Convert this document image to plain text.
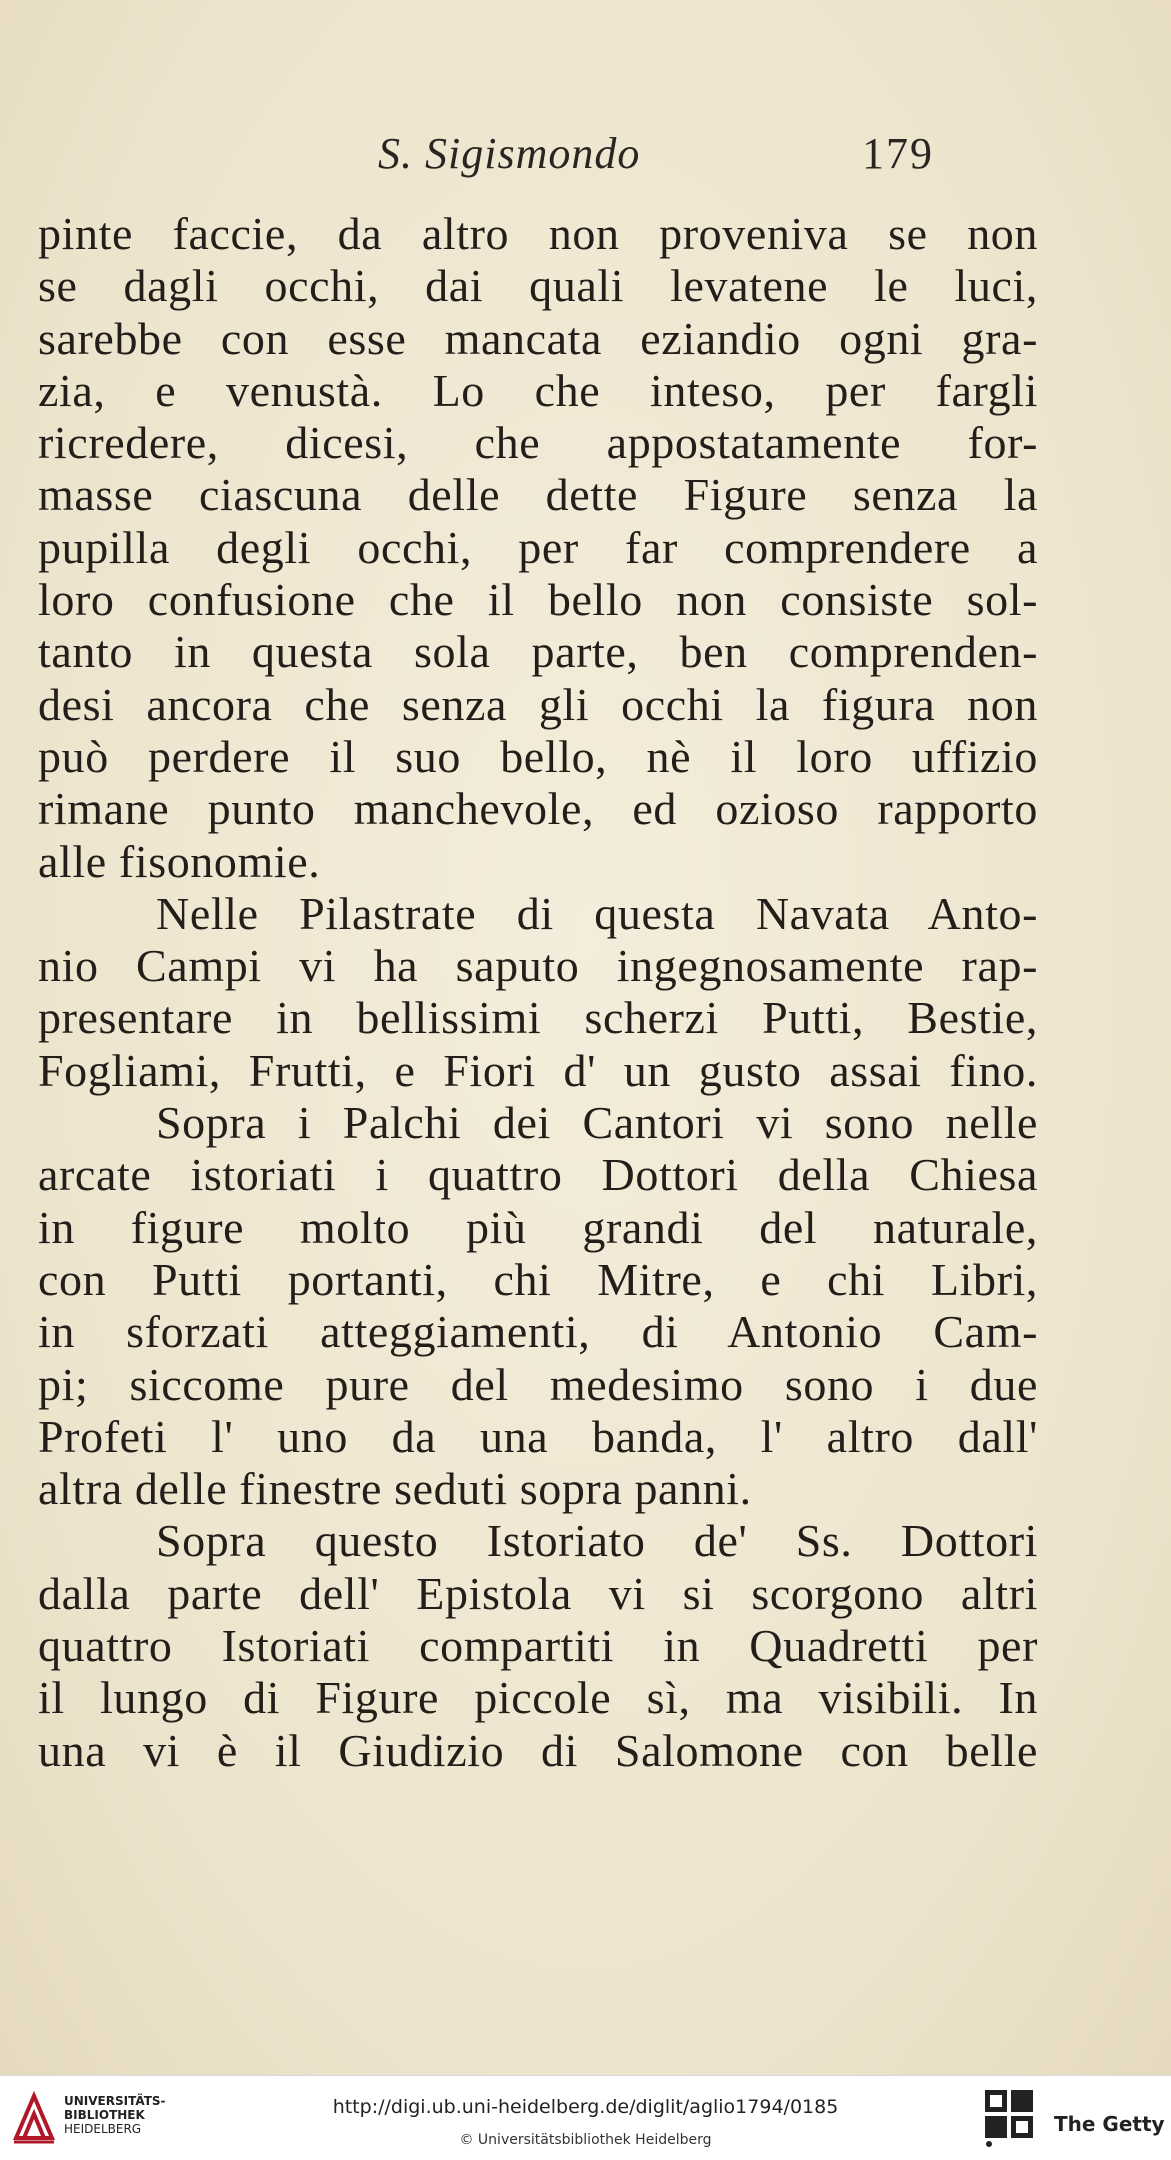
S. Sigismondo	179
pinte faccie, da altro non proveniva se non
se dagli occhi, dai quali levatene le luci,
sarebbe con esse mancata eziandio ogni gra-
zia, e venustà. Lo che inteso, per fargli
ricredere, dicesi, che appostatamente for-
masse ciascuna delle dette Figure senza la
pupilla degli occhi, per far comprendere a
loro confusione che il bello non consiste sol-
tanto in questa sola parte, ben comprenden-
desi ancora che senza gli occhi la figura non
può perdere il suo bello, nè il loro uffizio
rimane punto manchevole, ed ozioso rapporto
alle fisonomie.
Nelle Pilastrate di questa Navata Anto-
nio Campi vi ha saputo ingegnosamente rap-
presentare in bellissimi scherzi Putti, Bestie,
Fogliami, Frutti, e Fiori d' un gusto assai fino.
Sopra i Palchi dei Cantori vi sono nelle
arcate istoriati i quattro Dottori della Chiesa
in figure molto più grandi del naturale,
con Putti portanti, chi Mitre, e chi Libri,
in sforzati atteggiamenti, di Antonio Cam-
pi; siccome pure del medesimo sono i due
Profeti l' uno da una banda, l' altro dall'
altra delle finestre seduti sopra panni.
Sopra questo Istoriato de' Ss. Dottori
dalla parte dell' Epistola vi si scorgono altri
quattro Istoriati compartiti in Quadretti per
il lungo di Figure piccole sì, ma visibili. In
una vi è il Giudizio di Salomone con belle
UNIVERSITÄTS-
BIBLIOTHEK
HEIDELBERG
http://digi.ub.uni-heidelberg.de/diglit/aglio1794/0185
© Universitätsbibliothek Heidelberg
The Getty
